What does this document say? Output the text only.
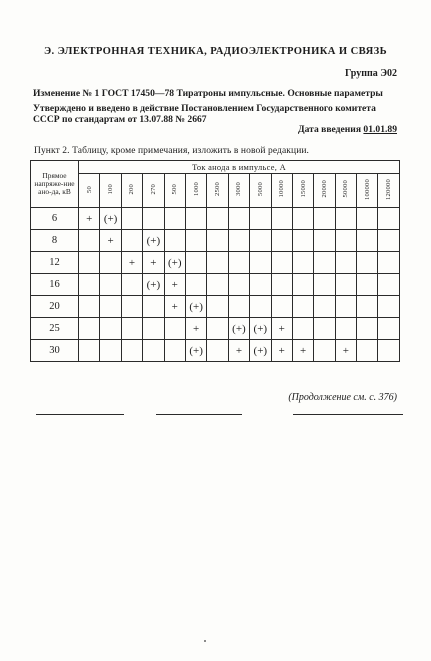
Э. ЭЛЕКТРОННАЯ ТЕХНИКА, РАДИОЭЛЕКТРОНИКА И СВЯЗЬ
Группа Э02
Изменение № 1 ГОСТ 17450—78 Тиратроны импульсные. Основные параметры
Утверждено и введено в действие Постановлением Государственного комитета СССР по стандартам от 13.07.88 № 2667
Дата введения 01.01.89
Пункт 2. Таблицу, кроме примечания, изложить в новой редакции.
Прямое напряже-ние ано-да, кВ	Ток анода в импульсе, А														
	50	100	200	270	500	1000	2500	3000	5000	10000	15000	20000	50000	100000	120000
6	+	(+)													
8		+		(+)											
12			+	+	(+)										
16				(+)	+										
20					+	(+)									
25						+		(+)	(+)	+					
30						(+)		+	(+)	+	+		+		
(Продолжение см. с. 376)
